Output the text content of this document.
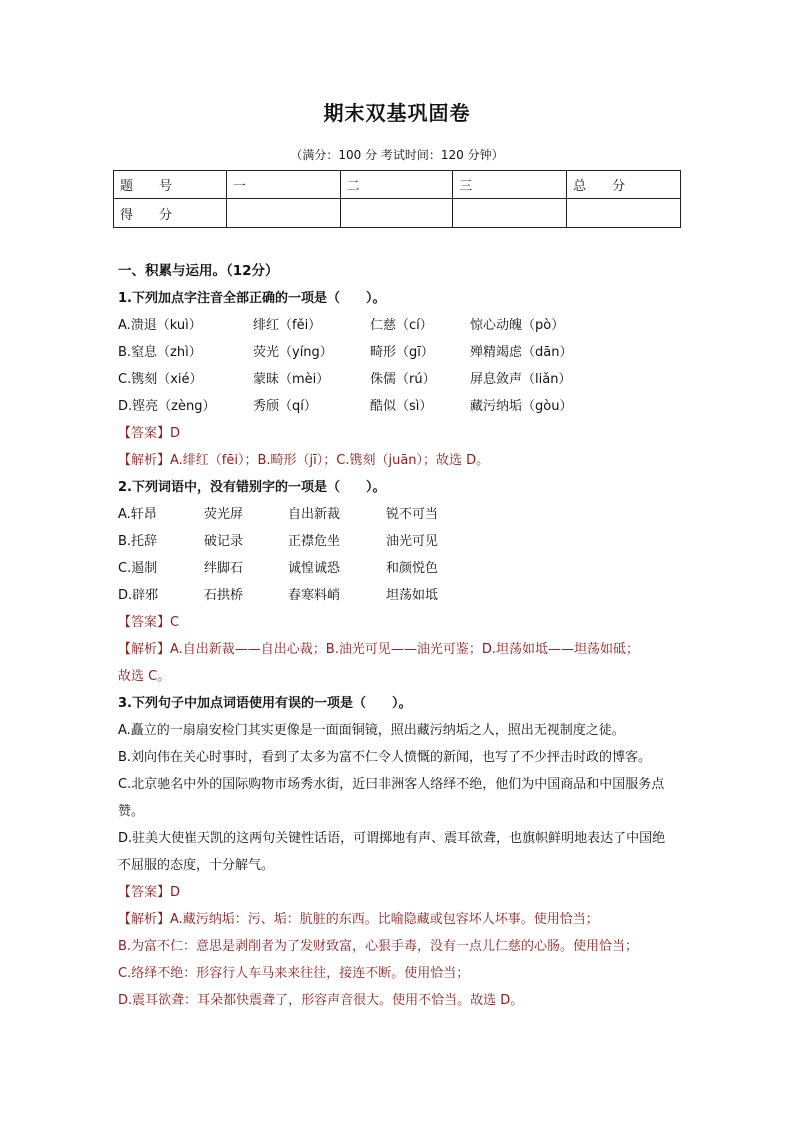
期末双基巩固卷
（满分：100 分 考试时间：120 分钟）
题　　号	一	二	三	总　　分
得　　分				
一、积累与运用。（12分）
1.下列加点字注音全部正确的一项是（　　）。
A.溃退（kuì）	绯红（fěi）	仁慈（cí）	惊心动魄（pò）
B.窒息（zhì）	荧光（yíng）	畸形（gī）	殚精竭虑（dān）
C.镌刻（xié）	蒙昧（mèi）	侏儒（rú）	屏息敛声（liǎn）
D.铿亮（zèng）	秀颀（qí）	酷似（sì）	藏污纳垢（gòu）
【答案】D
【解析】A.绯红（fēi）；B.畸形（jī）；C.镌刻（juān）；故选 D。
2.下列词语中，没有错别字的一项是（　　）。
A.轩昂	荧光屏	自出新裁	锐不可当
B.托辞	破记录	正襟危坐	油光可见
C.遏制	绊脚石	诚惶诚恐	和颜悦色
D.辟邪	石拱桥	春寒料峭	坦荡如坻
【答案】C
【解析】A.自出新裁——自出心裁；B.油光可见——油光可鉴；D.坦荡如坻——坦荡如砥；
故选 C。
3.下列句子中加点词语使用有误的一项是（　　）。
A.矗立的一扇扇安检门其实更像是一面面铜镜，照出藏污纳垢之人，照出无视制度之徒。
B.刘向伟在关心时事时，看到了太多为富不仁令人愤慨的新闻，也写了不少抨击时政的博客。
C.北京驰名中外的国际购物市场秀水街，近曰非洲客人络绎不绝，他们为中国商品和中国服务点赞。
D.驻美大使崔天凯的这两句关键性话语，可谓掷地有声、震耳欲聋，也旗帜鲜明地表达了中国绝不屈服的态度，十分解气。
【答案】D
【解析】A.藏污纳垢：污、垢：肮脏的东西。比喻隐藏或包容坏人坏事。使用恰当；
B.为富不仁：意思是剥削者为了发财致富，心狠手毒，没有一点儿仁慈的心肠。使用恰当；
C.络绎不绝：形容行人车马来来往往，接连不断。使用恰当；
D.震耳欲聋：耳朵都快震聋了，形容声音很大。使用不恰当。故选 D。
